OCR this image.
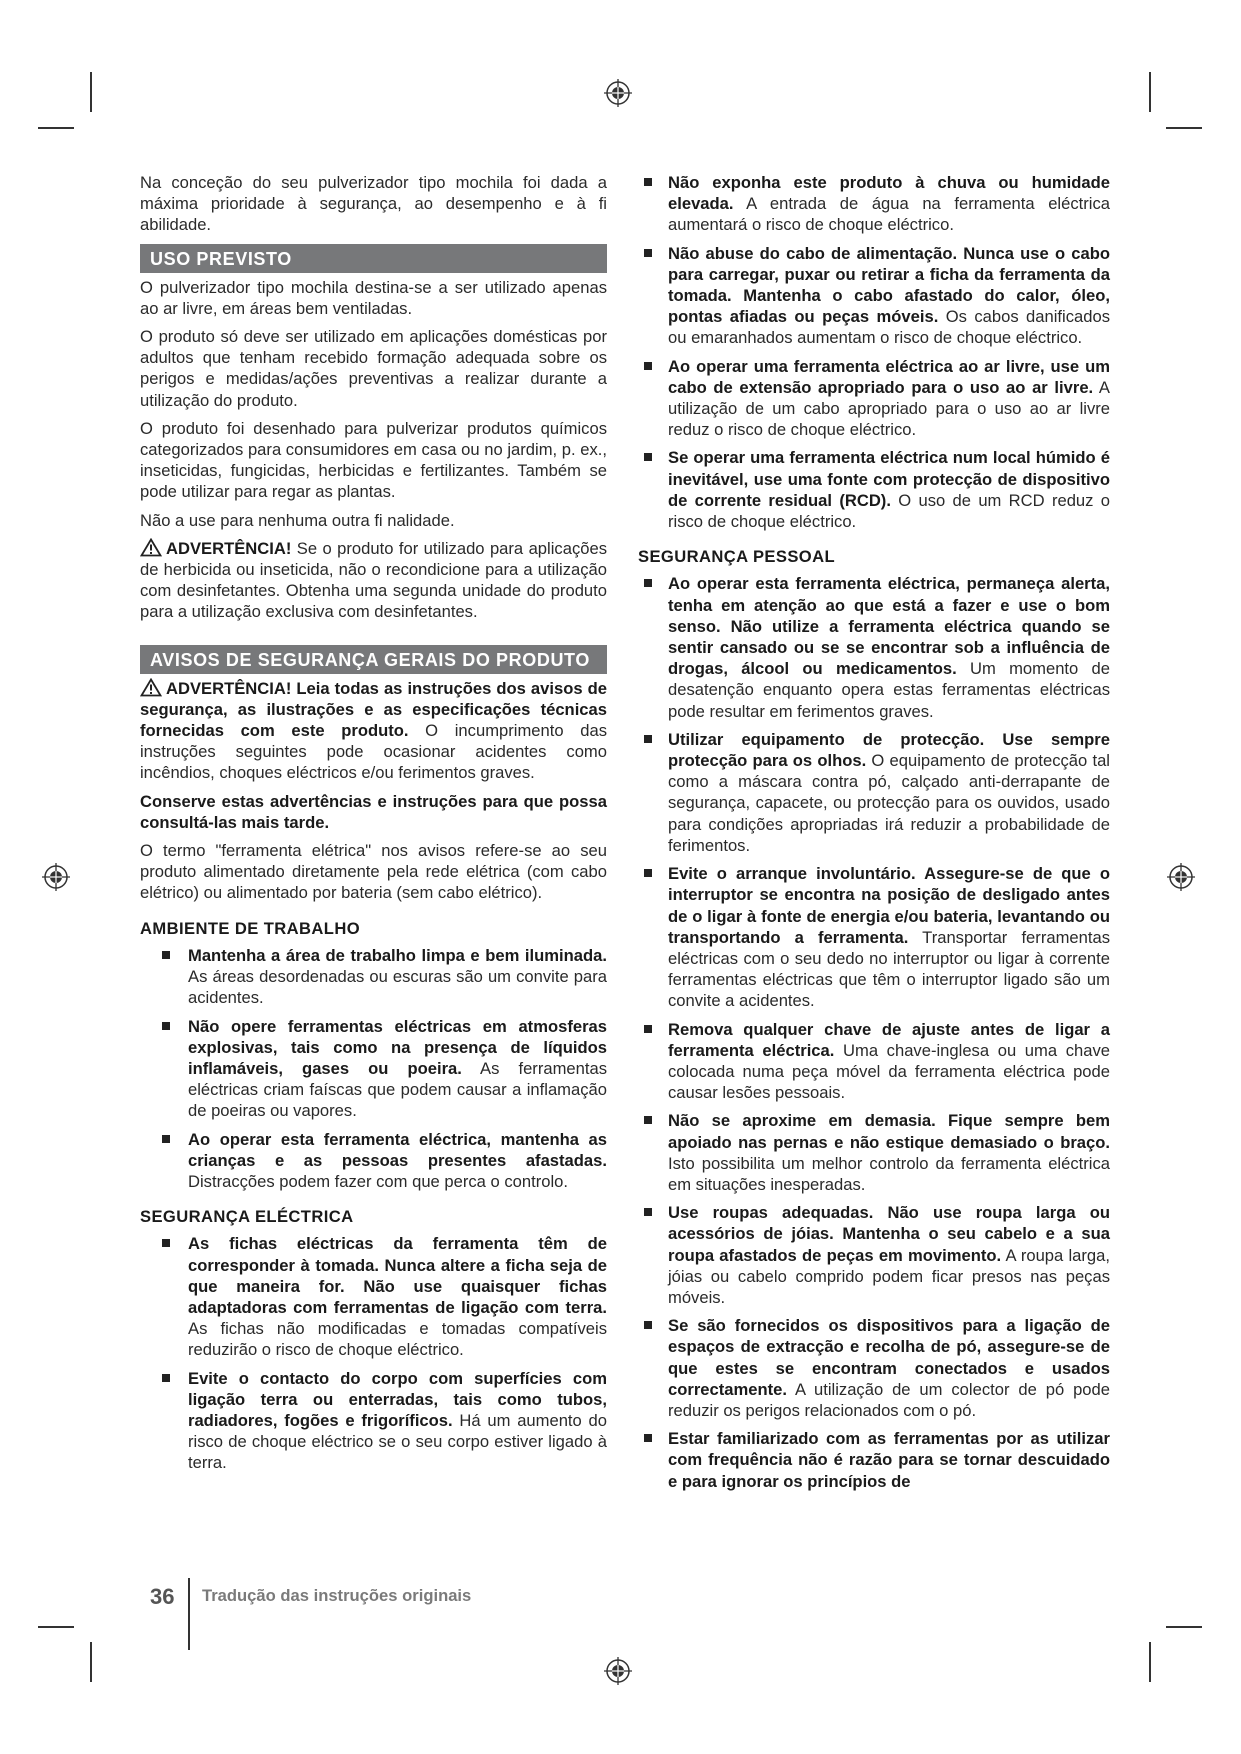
Na conceção do seu pulverizador tipo mochila foi dada a máxima prioridade à segurança, ao desempenho e à fi abilidade.

USO PREVISTO

O pulverizador tipo mochila destina-se a ser utilizado apenas ao ar livre, em áreas bem ventiladas.

O produto só deve ser utilizado em aplicações domésticas por adultos que tenham recebido formação adequada sobre os perigos e medidas/ações preventivas a realizar durante a utilização do produto.

O produto foi desenhado para pulverizar produtos químicos categorizados para consumidores em casa ou no jardim, p. ex., inseticidas, fungicidas, herbicidas e fertilizantes. Também se pode utilizar para regar as plantas.

Não a use para nenhuma outra fi nalidade.

ADVERTÊNCIA! Se o produto for utilizado para aplicações de herbicida ou inseticida, não o recondicione para a utilização com desinfetantes. Obtenha uma segunda unidade do produto para a utilização exclusiva com desinfetantes.

AVISOS DE SEGURANÇA GERAIS DO PRODUTO

ADVERTÊNCIA! Leia todas as instruções dos avisos de segurança, as ilustrações e as especificações técnicas fornecidas com este produto. O incumprimento das instruções seguintes pode ocasionar acidentes como incêndios, choques eléctricos e/ou ferimentos graves.

Conserve estas advertências e instruções para que possa consultá-las mais tarde.

O termo "ferramenta elétrica" nos avisos refere-se ao seu produto alimentado diretamente pela rede elétrica (com cabo elétrico) ou alimentado por bateria (sem cabo elétrico).

AMBIENTE DE TRABALHO
Mantenha a área de trabalho limpa e bem iluminada. As áreas desordenadas ou escuras são um convite para acidentes.
Não opere ferramentas eléctricas em atmosferas explosivas, tais como na presença de líquidos inflamáveis, gases ou poeira. As ferramentas eléctricas criam faíscas que podem causar a inflamação de poeiras ou vapores.
Ao operar esta ferramenta eléctrica, mantenha as crianças e as pessoas presentes afastadas. Distracções podem fazer com que perca o controlo.
SEGURANÇA ELÉCTRICA
As fichas eléctricas da ferramenta têm de corresponder à tomada. Nunca altere a ficha seja de que maneira for. Não use quaisquer fichas adaptadoras com ferramentas de ligação com terra. As fichas não modificadas e tomadas compatíveis reduzirão o risco de choque eléctrico.
Evite o contacto do corpo com superfícies com ligação terra ou enterradas, tais como tubos, radiadores, fogões e frigoríficos. Há um aumento do risco de choque eléctrico se o seu corpo estiver ligado à terra.
Não exponha este produto à chuva ou humidade elevada. A entrada de água na ferramenta eléctrica aumentará o risco de choque eléctrico.
Não abuse do cabo de alimentação. Nunca use o cabo para carregar, puxar ou retirar a ficha da ferramenta da tomada. Mantenha o cabo afastado do calor, óleo, pontas afiadas ou peças móveis. Os cabos danificados ou emaranhados aumentam o risco de choque eléctrico.
Ao operar uma ferramenta eléctrica ao ar livre, use um cabo de extensão apropriado para o uso ao ar livre. A utilização de um cabo apropriado para o uso ao ar livre reduz o risco de choque eléctrico.
Se operar uma ferramenta eléctrica num local húmido é inevitável, use uma fonte com protecção de dispositivo de corrente residual (RCD). O uso de um RCD reduz o risco de choque eléctrico.
SEGURANÇA PESSOAL
Ao operar esta ferramenta eléctrica, permaneça alerta, tenha em atenção ao que está a fazer e use o bom senso. Não utilize a ferramenta eléctrica quando se sentir cansado ou se se encontrar sob a influência de drogas, álcool ou medicamentos. Um momento de desatenção enquanto opera estas ferramentas eléctricas pode resultar em ferimentos graves.
Utilizar equipamento de protecção. Use sempre protecção para os olhos. O equipamento de protecção tal como a máscara contra pó, calçado anti-derrapante de segurança, capacete, ou protecção para os ouvidos, usado para condições apropriadas irá reduzir a probabilidade de ferimentos.
Evite o arranque involuntário. Assegure-se de que o interruptor se encontra na posição de desligado antes de o ligar à fonte de energia e/ou bateria, levantando ou transportando a ferramenta. Transportar ferramentas eléctricas com o seu dedo no interruptor ou ligar à corrente ferramentas eléctricas que têm o interruptor ligado são um convite a acidentes.
Remova qualquer chave de ajuste antes de ligar a ferramenta eléctrica. Uma chave-inglesa ou uma chave colocada numa peça móvel da ferramenta eléctrica pode causar lesões pessoais.
Não se aproxime em demasia. Fique sempre bem apoiado nas pernas e não estique demasiado o braço. Isto possibilita um melhor controlo da ferramenta eléctrica em situações inesperadas.
Use roupas adequadas. Não use roupa larga ou acessórios de jóias. Mantenha o seu cabelo e a sua roupa afastados de peças em movimento. A roupa larga, jóias ou cabelo comprido podem ficar presos nas peças móveis.
Se são fornecidos os dispositivos para a ligação de espaços de extracção e recolha de pó, assegure-se de que estes se encontram conectados e usados correctamente. A utilização de um colector de pó pode reduzir os perigos relacionados com o pó.
Estar familiarizado com as ferramentas por as utilizar com frequência não é razão para se tornar descuidado e para ignorar os princípios de
36 Tradução das instruções originais
